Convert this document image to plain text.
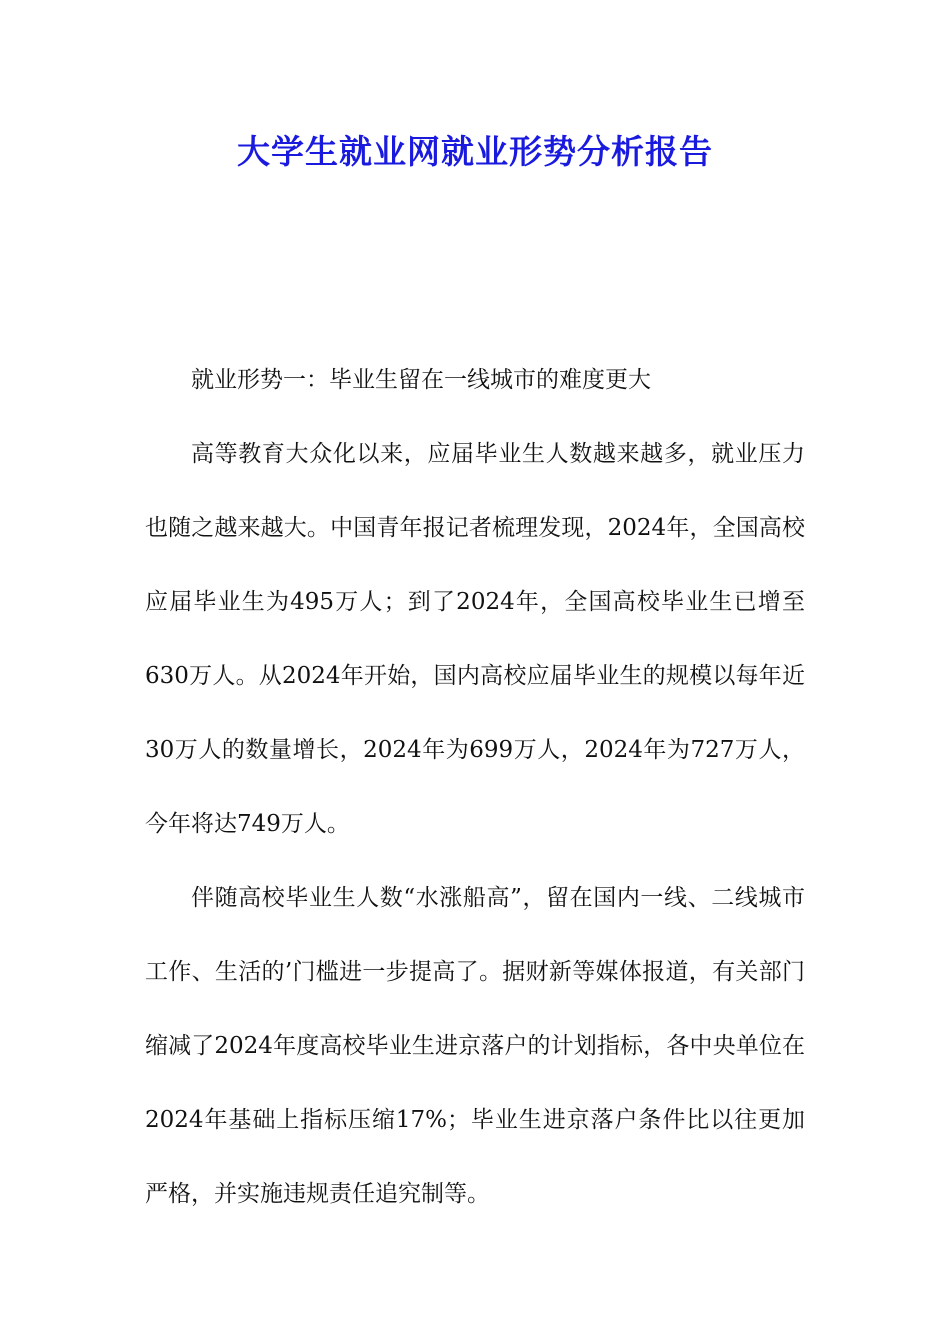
大学生就业网就业形势分析报告

就业形势一：毕业生留在一线城市的难度更大

高等教育大众化以来，应届毕业生人数越来越多，就业压力也随之越来越大。中国青年报记者梳理发现，2024年，全国高校应届毕业生为495万人；到了2024年，全国高校毕业生已增至630万人。从2024年开始，国内高校应届毕业生的规模以每年近30万人的数量增长，2024年为699万人，2024年为727万人，今年将达749万人。

伴随高校毕业生人数“水涨船高”，留在国内一线、二线城市工作、生活的’门槛进一步提高了。据财新等媒体报道，有关部门缩减了2024年度高校毕业生进京落户的计划指标，各中央单位在2024年基础上指标压缩17%；毕业生进京落户条件比以往更加严格，并实施违规责任追究制等。
